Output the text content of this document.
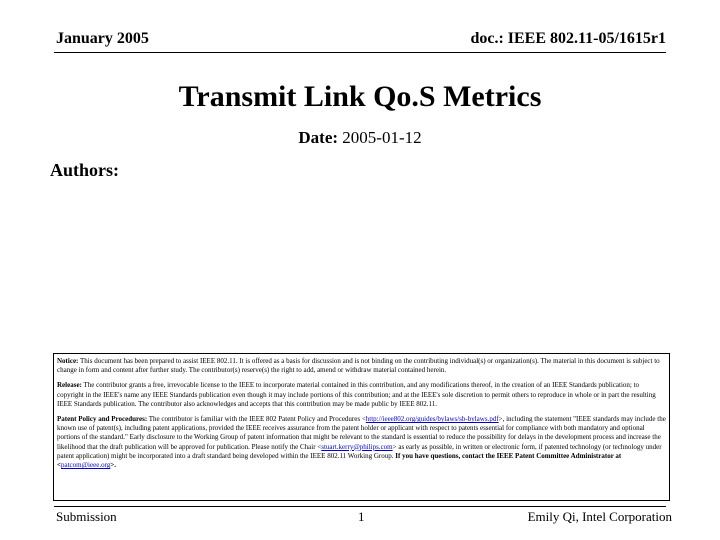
January 2005	doc.: IEEE 802.11-05/1615r1
Transmit Link Qo.S Metrics
Date: 2005-01-12
Authors:

Notice: This document has been prepared to assist IEEE 802.11. It is offered as a basis for discussion and is not binding on the contributing individual(s) or organization(s). The material in this document is subject to change in form and content after further study. The contributor(s) reserve(s) the right to add, amend or withdraw material contained herein.

Release: The contributor grants a free, irrevocable license to the IEEE to incorporate material contained in this contribution, and any modifications thereof, in the creation of an IEEE Standards publication; to copyright in the IEEE's name any IEEE Standards publication even though it may include portions of this contribution; and at the IEEE's sole discretion to permit others to reproduce in whole or in part the resulting IEEE Standards publication. The contributor also acknowledges and accepts that this contribution may be made public by IEEE 802.11.

Patent Policy and Procedures: The contributor is familiar with the IEEE 802 Patent Policy and Procedures <http://ieee802.org/guides/bylaws/sb-bylaws.pdf>, including the statement "IEEE standards may include the known use of patent(s), including patent applications, provided the IEEE receives assurance from the patent holder or applicant with respect to patents essential for compliance with both mandatory and optional portions of the standard." Early disclosure to the Working Group of patent information that might be relevant to the standard is essential to reduce the possibility for delays in the development process and increase the likelihood that the draft publication will be approved for publication. Please notify the Chair <stuart.kerry@philips.com> as early as possible, in written or electronic form, if patented technology (or technology under patent application) might be incorporated into a draft standard being developed within the IEEE 802.11 Working Group. If you have questions, contact the IEEE Patent Committee Administrator at <patcom@ieee.org>.

Submission	1	Emily Qi, Intel Corporation
